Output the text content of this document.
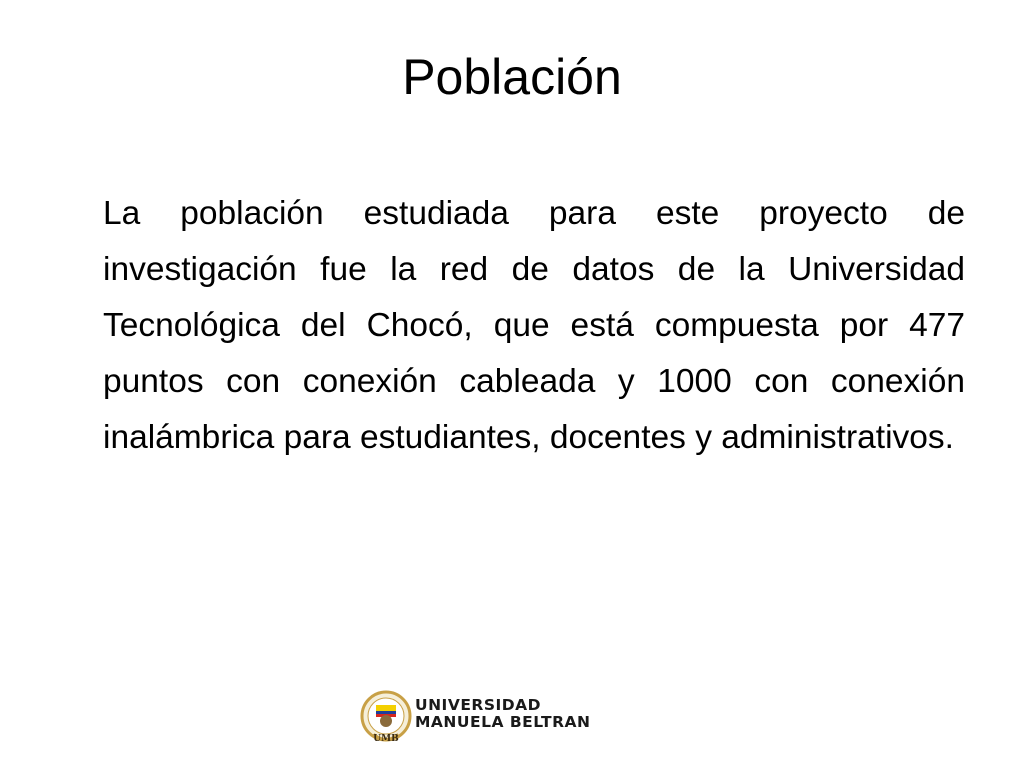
Población

La población estudiada para este proyecto de investigación fue la red de datos de la Universidad Tecnológica del Chocó, que está compuesta por 477 puntos con conexión cableada y 1000 con conexión inalámbrica para estudiantes, docentes y administrativos.

UMB
UNIVERSIDAD
MANUELA BELTRAN
